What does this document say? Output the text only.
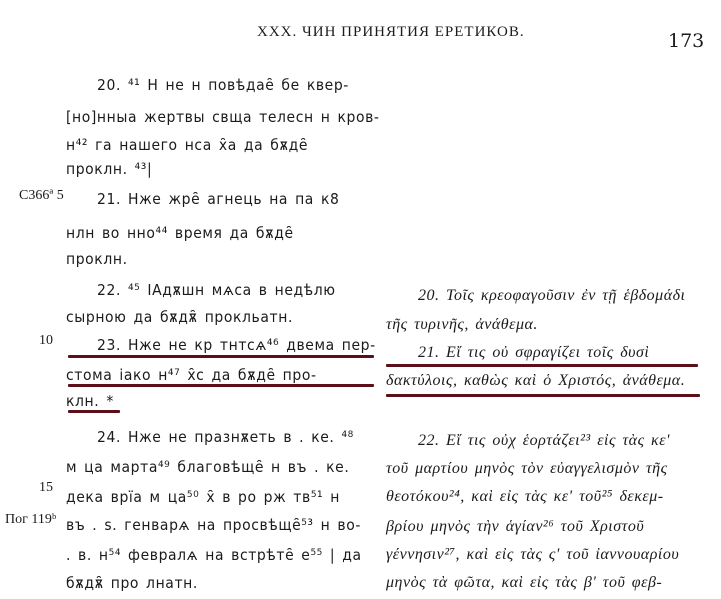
XXX. ЧИН ПРИНЯТИЯ ЕРЕТИКОВ.	173
C366ª 5
10
15
Пог 119ᵇ
20. ⁴¹ Н не н повѣдае̑ бе квер-
[но]нныа жертвы свща телесн н кров-
н⁴² га нашего нса х̑а да бѫде̑
проклн. ⁴³|
21. Нже жре̑ агнець на па к8
нлн во нно⁴⁴ время да бѫде̑
проклн.
22. ⁴⁵ ІАдѫшн мѧса в недѣлю
сырною да бѫдѫ̑ прокльатн.
23. Нже не кр тнтсѧ⁴⁶ двема пер-
стома іако н⁴⁷ х̑с да бѫде̑ про-
клн. *
24. Нже не празнѫеть в . ке. ⁴⁸
м ца марта⁴⁹ благовѣще̑ н въ . ке.
дека врїа м ца⁵⁰ х̑ в ро рж тв⁵¹ н
въ . s. генварѧ на просвѣще̑⁵³ н во-
. в. н⁵⁴ февралѧ на встрѣте̑ е⁵⁵ | да
бѫдѫ̑ про лнатн.
20. Τοῖς κρεοφαγοῦσιν ἐν τῇ ἑβδομάδι
τῆς τυρινῆς, ἀνάθεμα.
21. Εἴ τις οὐ σφραγίζει τοῖς δυσὶ
δακτύλοις, καθὼς καὶ ὁ Χριστός, ἀνάθεμα.
22. Εἴ τις οὐχ ἑορτάζει²³ εἰς τὰς κε'
τοῦ μαρτίου μηνὸς τὸν εὐαγγελισμὸν τῆς
θεοτόκου²⁴, καὶ εἰς τὰς κε' τοῦ²⁵ δεκεμ-
βρίου μηνὸς τὴν ἁγίαν²⁶ τοῦ Χριστοῦ
γέννησιν²⁷, καὶ εἰς τὰς ς' τοῦ ἰαννουαρίου
μηνὸς τὰ φῶτα, καὶ εἰς τὰς β' τοῦ φεβ-
